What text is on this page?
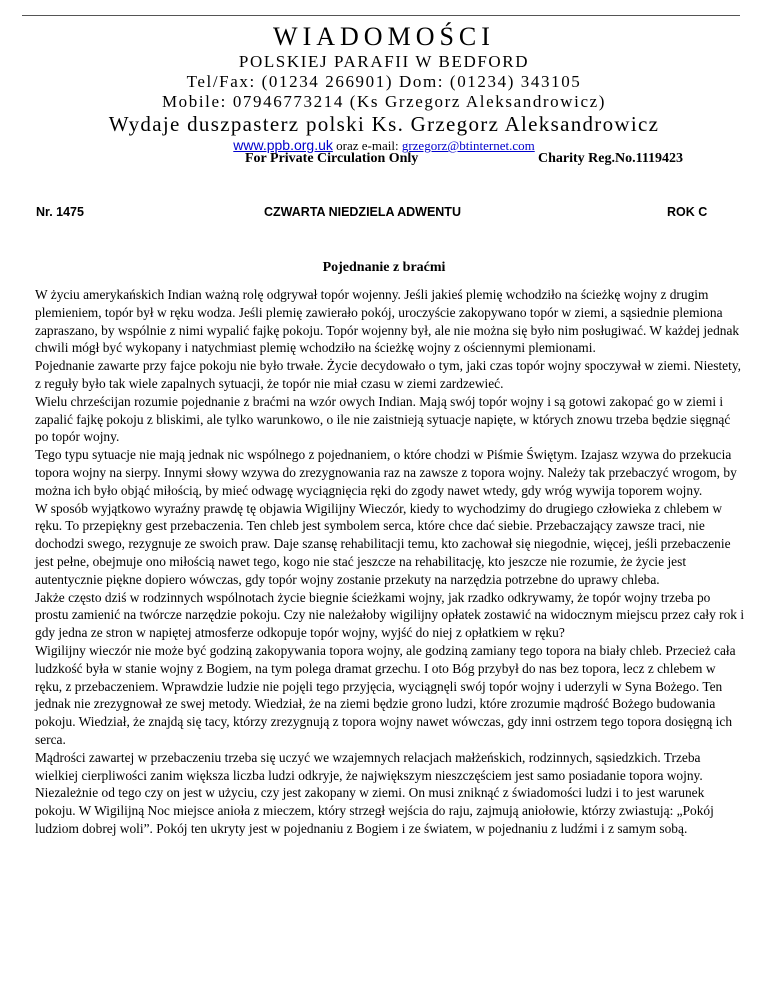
WIADOMOŚCI
POLSKIEJ PARAFII W BEDFORD
Tel/Fax: (01234 266901) Dom: (01234) 343105
Mobile: 07946773214 (Ks Grzegorz Aleksandrowicz)
Wydaje duszpasterz polski Ks. Grzegorz Aleksandrowicz
www.ppb.org.uk oraz e-mail: grzegorz@btinternet.com
For Private Circulation Only	Charity Reg.No.1119423
Nr. 1475	CZWARTA NIEDZIELA ADWENTU	ROK C
Pojednanie z braćmi

W życiu amerykańskich Indian ważną rolę odgrywał topór wojenny. Jeśli jakieś plemię wchodziło na ścieżkę wojny z drugim plemieniem, topór był w ręku wodza. Jeśli plemię zawierało pokój, uroczyście zakopywano topór w ziemi, a sąsiednie plemiona zapraszano, by wspólnie z nimi wypalić fajkę pokoju. Topór wojenny był, ale nie można się było nim posługiwać. W każdej jednak chwili mógł być wykopany i natychmiast plemię wchodziło na ścieżkę wojny z ościennymi plemionami.

Pojednanie zawarte przy fajce pokoju nie było trwałe. Życie decydowało o tym, jaki czas topór wojny spoczywał w ziemi. Niestety, z reguły było tak wiele zapalnych sytuacji, że topór nie miał czasu w ziemi zardzewieć.

Wielu chrześcijan rozumie pojednanie z braćmi na wzór owych Indian. Mają swój topór wojny i są gotowi zakopać go w ziemi i zapalić fajkę pokoju z bliskimi, ale tylko warunkowo, o ile nie zaistnieją sytuacje napięte, w których znowu trzeba będzie sięgnąć po topór wojny.

Tego typu sytuacje nie mają jednak nic wspólnego z pojednaniem, o które chodzi w Piśmie Świętym. Izajasz wzywa do przekucia topora wojny na sierpy. Innymi słowy wzywa do zrezygnowania raz na zawsze z topora wojny. Należy tak przebaczyć wrogom, by można ich było objąć miłością, by mieć odwagę wyciągnięcia ręki do zgody nawet wtedy, gdy wróg wywija toporem wojny.

W sposób wyjątkowo wyraźny prawdę tę objawia Wigilijny Wieczór, kiedy to wychodzimy do drugiego człowieka z chlebem w ręku. To przepiękny gest przebaczenia. Ten chleb jest symbolem serca, które chce dać siebie. Przebaczający zawsze traci, nie dochodzi swego, rezygnuje ze swoich praw. Daje szansę rehabilitacji temu, kto zachował się niegodnie, więcej, jeśli przebaczenie jest pełne, obejmuje ono miłością nawet tego, kogo nie stać jeszcze na rehabilitację, kto jeszcze nie rozumie, że życie jest autentycznie piękne dopiero wówczas, gdy topór wojny zostanie przekuty na narzędzia potrzebne do uprawy chleba.

Jakże często dziś w rodzinnych wspólnotach życie biegnie ścieżkami wojny, jak rzadko odkrywamy, że topór wojny trzeba po prostu zamienić na twórcze narzędzie pokoju. Czy nie należałoby wigilijny opłatek zostawić na widocznym miejscu przez cały rok i gdy jedna ze stron w napiętej atmosferze odkopuje topór wojny, wyjść do niej z opłatkiem w ręku?

Wigilijny wieczór nie może być godziną zakopywania topora wojny, ale godziną zamiany tego topora na biały chleb. Przecież cała ludzkość była w stanie wojny z Bogiem, na tym polega dramat grzechu. I oto Bóg przybył do nas bez topora, lecz z chlebem w ręku, z przebaczeniem. Wprawdzie ludzie nie pojęli tego przyjęcia, wyciągnęli swój topór wojny i uderzyli w Syna Bożego. Ten jednak nie zrezygnował ze swej metody. Wiedział, że na ziemi będzie grono ludzi, które zrozumie mądrość Bożego budowania pokoju. Wiedział, że znajdą się tacy, którzy zrezygnują z topora wojny nawet wówczas, gdy inni ostrzem tego topora dosięgną ich serca.

Mądrości zawartej w przebaczeniu trzeba się uczyć we wzajemnych relacjach małżeńskich, rodzinnych, sąsiedzkich. Trzeba wielkiej cierpliwości zanim większa liczba ludzi odkryje, że największym nieszczęściem jest samo posiadanie topora wojny. Niezależnie od tego czy on jest w użyciu, czy jest zakopany w ziemi. On musi zniknąć z świadomości ludzi i to jest warunek pokoju. W Wigilijną Noc miejsce anioła z mieczem, który strzegł wejścia do raju, zajmują aniołowie, którzy zwiastują: „Pokój ludziom dobrej woli”. Pokój ten ukryty jest w pojednaniu z Bogiem i ze światem, w pojednaniu z ludźmi i z samym sobą.
